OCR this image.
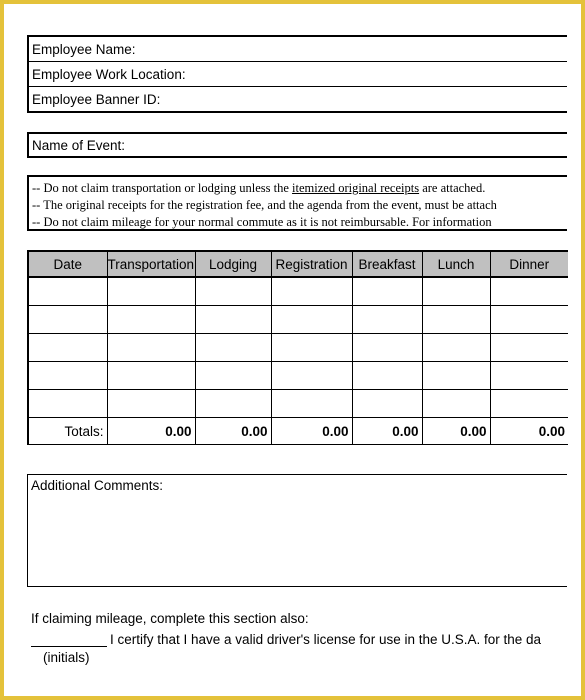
Employee Name:
Employee Work Location:
Employee Banner ID:
Name of Event:
-- Do not claim transportation or lodging unless the itemized original receipts are attached.
-- The original receipts for the registration fee, and the agenda from the event, must be attach
-- Do not claim mileage for your normal commute as it is not reimbursable. For information
Date	Transportation	Lodging	Registration	Breakfast	Lunch	Dinner

Totals:	0.00	0.00	0.00	0.00	0.00	0.00
Additional Comments:
If claiming mileage, complete this section also:
I certify that I have a valid driver's license for use in the U.S.A. for the da
(initials)
